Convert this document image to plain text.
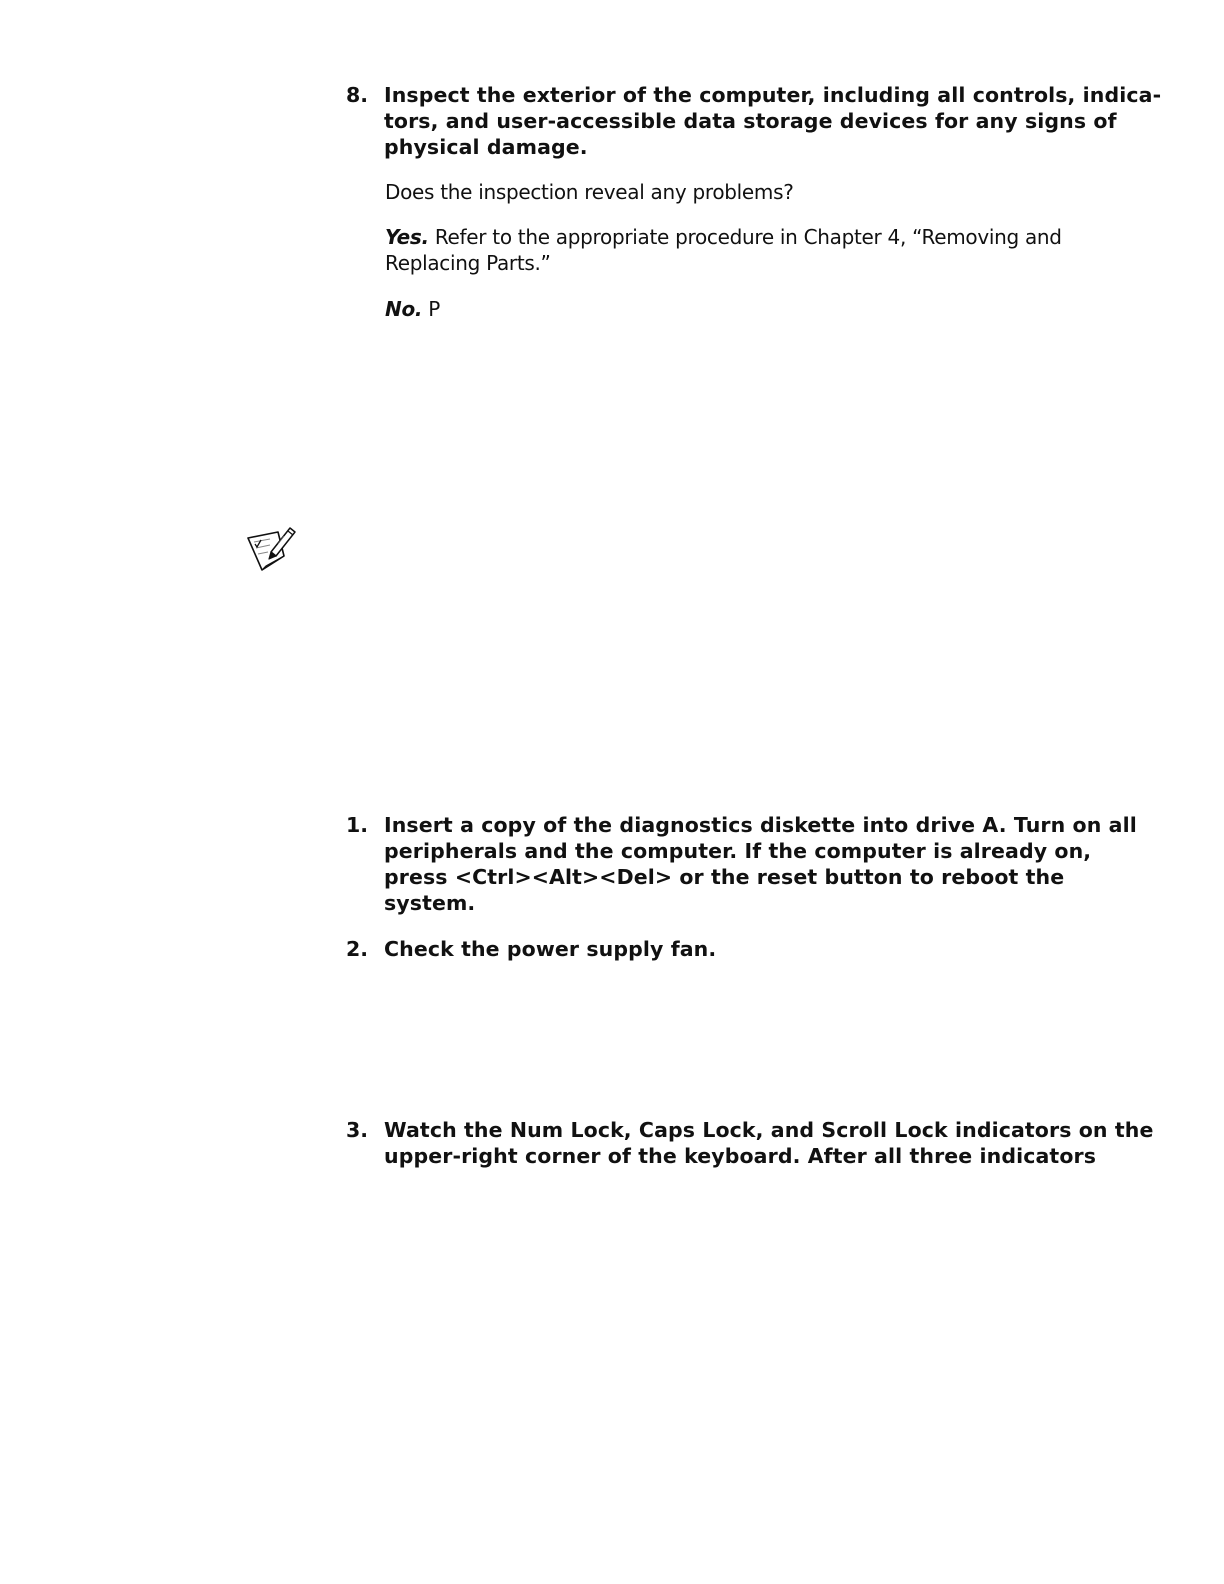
8. Inspect the exterior of the computer, including all controls, indica-
tors, and user-accessible data storage devices for any signs of
physical damage.
Does the inspection reveal any problems?
Yes. Refer to the appropriate procedure in Chapter 4, “Removing and
Replacing Parts.”
No. P
1. Insert a copy of the diagnostics diskette into drive A. Turn on all
peripherals and the computer. If the computer is already on,
press <Ctrl><Alt><Del> or the reset button to reboot the
system.
2. Check the power supply fan.
3. Watch the Num Lock, Caps Lock, and Scroll Lock indicators on the
upper-right corner of the keyboard. After all three indicators
